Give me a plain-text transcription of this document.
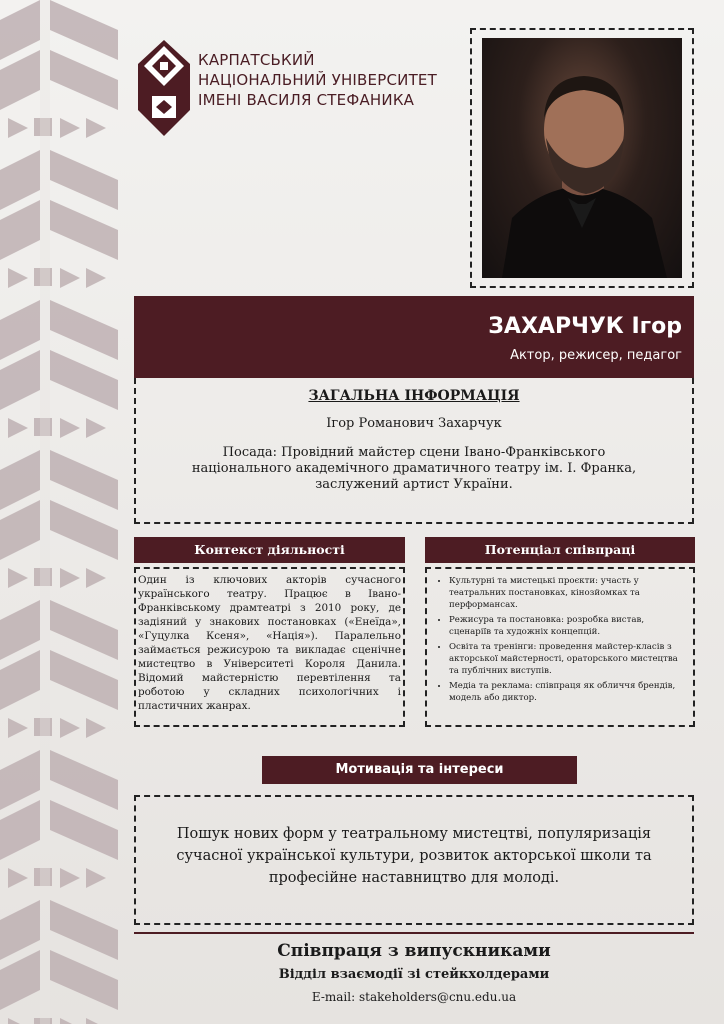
КАРПАТСЬКИЙ
НАЦІОНАЛЬНИЙ УНІВЕРСИТЕТ
ІМЕНІ ВАСИЛЯ СТЕФАНИКА
ЗАХАРЧУК Ігор
Актор, режисер, педагог
ЗАГАЛЬНА ІНФОРМАЦІЯ
Ігор Романович Захарчук
Посада: Провідний майстер сцени Івано-Франківського національного академічного драматичного театру ім. І. Франка, заслужений артист України.
Контекст діяльності
Один із ключових акторів сучасного українського театру. Працює в Івано-Франківському драмтеатрі з 2010 року, де задіяний у знакових постановках («Енеїда», «Гуцулка Ксеня», «Нація»). Паралельно займається режисурою та викладає сценічне мистецтво в Університеті Короля Данила. Відомий майстерністю перевтілення та роботою у складних психологічних і пластичних жанрах.
Потенціал співпраці
• Культурні та мистецькі проєкти: участь у театральних постановках, кінозйомках та перформансах.
• Режисура та постановка: розробка вистав, сценаріїв та художніх концепцій.
• Освіта та тренінги: проведення майстер-класів з акторської майстерності, ораторського мистецтва та публічних виступів.
• Медіа та реклама: співпраця як обличчя брендів, модель або диктор.
Мотивація та інтереси
Пошук нових форм у театральному мистецтві, популяризація сучасної української культури, розвиток акторської школи та професійне наставництво для молоді.
Співпраця з випускниками
Відділ взаємодії зі стейкхолдерами
E-mail: stakeholders@cnu.edu.ua
